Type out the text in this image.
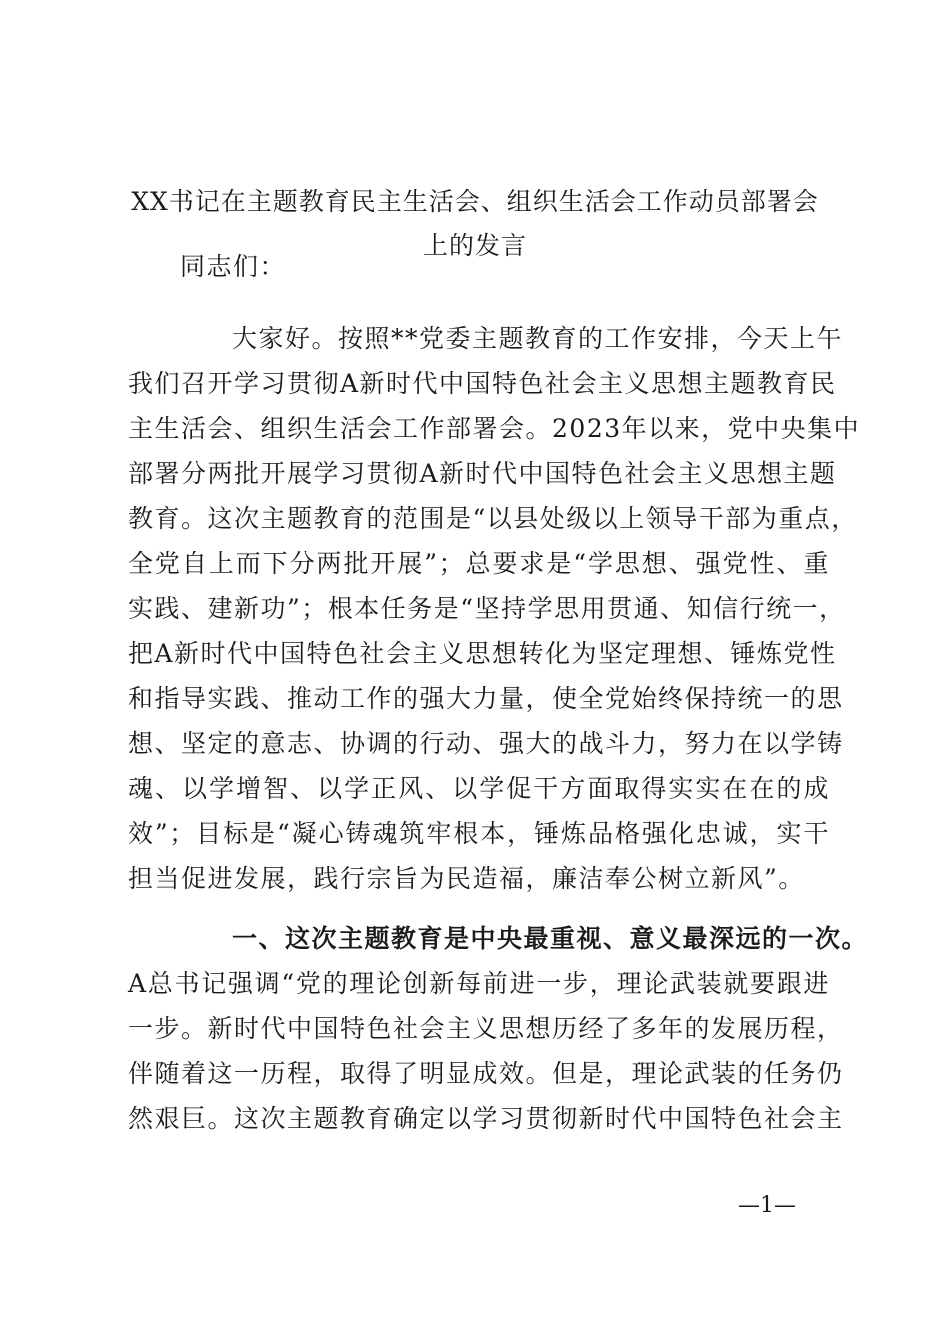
XX书记在主题教育民主生活会、组织生活会工作动员部署会上的发言
同志们：
大家好。按照**党委主题教育的工作安排，今天上午
我们召开学习贯彻A新时代中国特色社会主义思想主题教育民
主生活会、组织生活会工作部署会。2023年以来，党中央集中
部署分两批开展学习贯彻A新时代中国特色社会主义思想主题
教育。这次主题教育的范围是“以县处级以上领导干部为重点，
全党自上而下分两批开展”；总要求是“学思想、强党性、重
实践、建新功”；根本任务是“坚持学思用贯通、知信行统一，
把A新时代中国特色社会主义思想转化为坚定理想、锤炼党性
和指导实践、推动工作的强大力量，使全党始终保持统一的思
想、坚定的意志、协调的行动、强大的战斗力，努力在以学铸
魂、以学增智、以学正风、以学促干方面取得实实在在的成
效”；目标是“凝心铸魂筑牢根本，锤炼品格强化忠诚，实干
担当促进发展，践行宗旨为民造福，廉洁奉公树立新风”。
一、这次主题教育是中央最重视、意义最深远的一次。
A总书记强调“党的理论创新每前进一步，理论武装就要跟进
一步。新时代中国特色社会主义思想历经了多年的发展历程，
伴随着这一历程，取得了明显成效。但是，理论武装的任务仍
然艰巨。这次主题教育确定以学习贯彻新时代中国特色社会主
—1—
